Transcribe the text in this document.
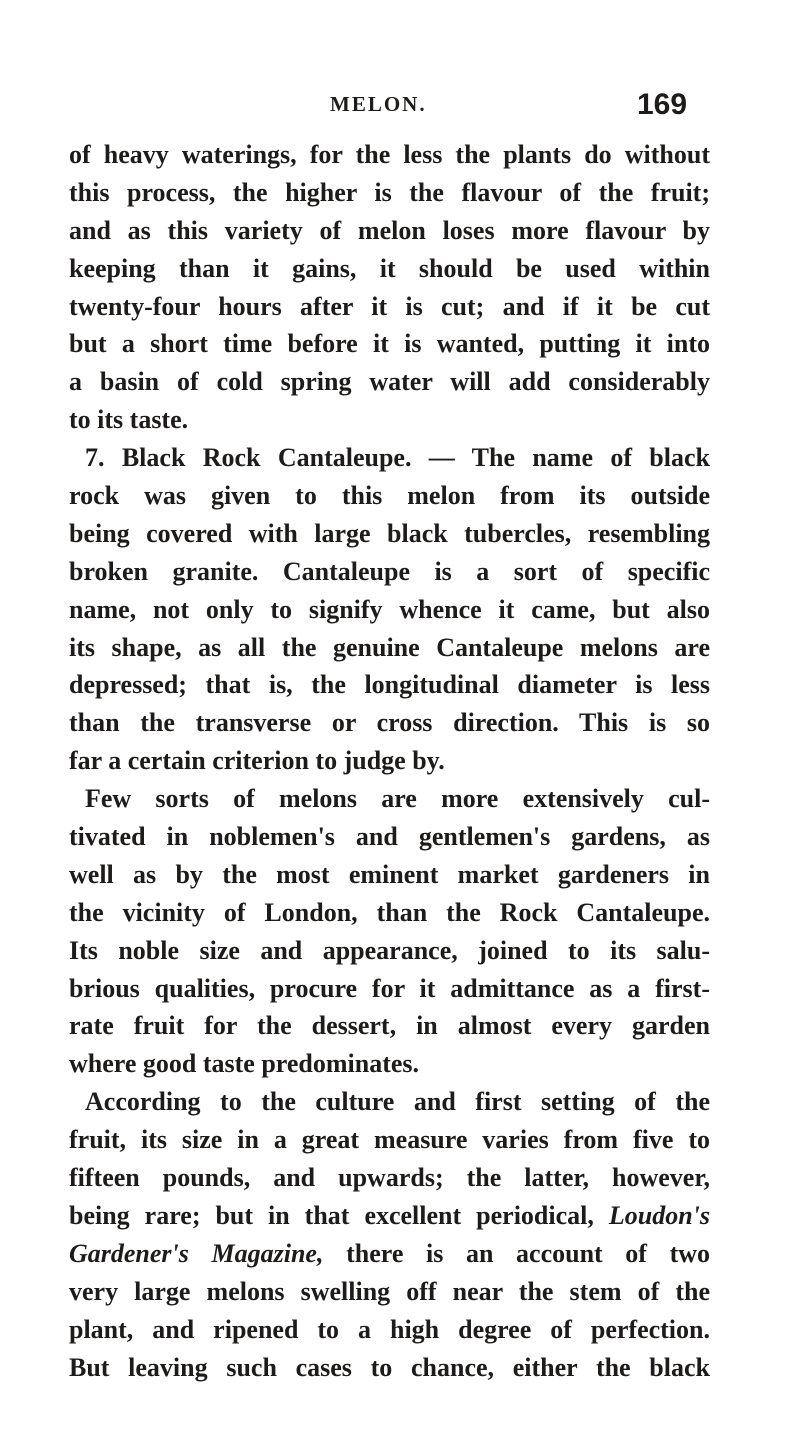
MELON.	169
of heavy waterings, for the less the plants do without
this process, the higher is the flavour of the fruit;
and as this variety of melon loses more flavour by
keeping than it gains, it should be used within
twenty-four hours after it is cut; and if it be cut
but a short time before it is wanted, putting it into
a basin of cold spring water will add considerably
to its taste.
7. Black Rock Cantaleupe. — The name of black
rock was given to this melon from its outside
being covered with large black tubercles, resembling
broken granite. Cantaleupe is a sort of specific
name, not only to signify whence it came, but also
its shape, as all the genuine Cantaleupe melons are
depressed; that is, the longitudinal diameter is less
than the transverse or cross direction. This is so
far a certain criterion to judge by.
Few sorts of melons are more extensively cul-
tivated in noblemen's and gentlemen's gardens, as
well as by the most eminent market gardeners in
the vicinity of London, than the Rock Cantaleupe.
Its noble size and appearance, joined to its salu-
brious qualities, procure for it admittance as a first-
rate fruit for the dessert, in almost every garden
where good taste predominates.
According to the culture and first setting of the
fruit, its size in a great measure varies from five to
fifteen pounds, and upwards; the latter, however,
being rare; but in that excellent periodical, Loudon's
Gardener's Magazine, there is an account of two
very large melons swelling off near the stem of the
plant, and ripened to a high degree of perfection.
But leaving such cases to chance, either the black
